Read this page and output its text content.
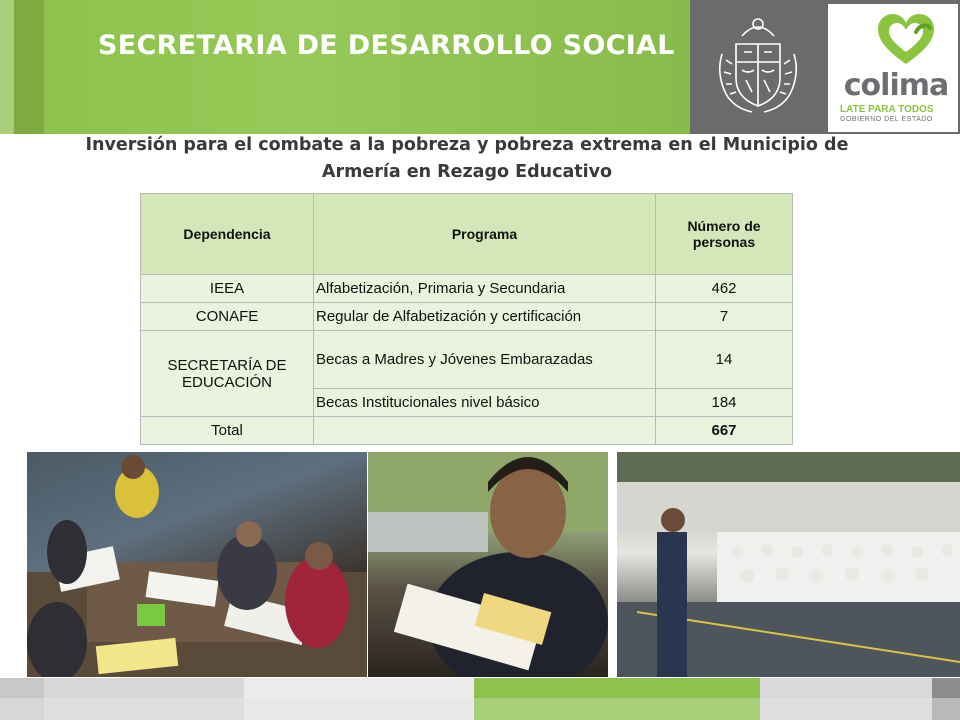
SECRETARIA DE DESARROLLO SOCIAL
colima
LATE PARA TODOS
GOBIERNO DEL ESTADO
Inversión para el combate a la pobreza y pobreza extrema en el Municipio de
Armería en Rezago Educativo
Dependencia	Programa	Número de personas
IEEA	Alfabetización, Primaria y Secundaria	462
CONAFE	Regular de Alfabetización y certificación	7
SECRETARÍA DE EDUCACIÓN	Becas a Madres y Jóvenes Embarazadas	14
	Becas Institucionales nivel básico	184
Total		667
